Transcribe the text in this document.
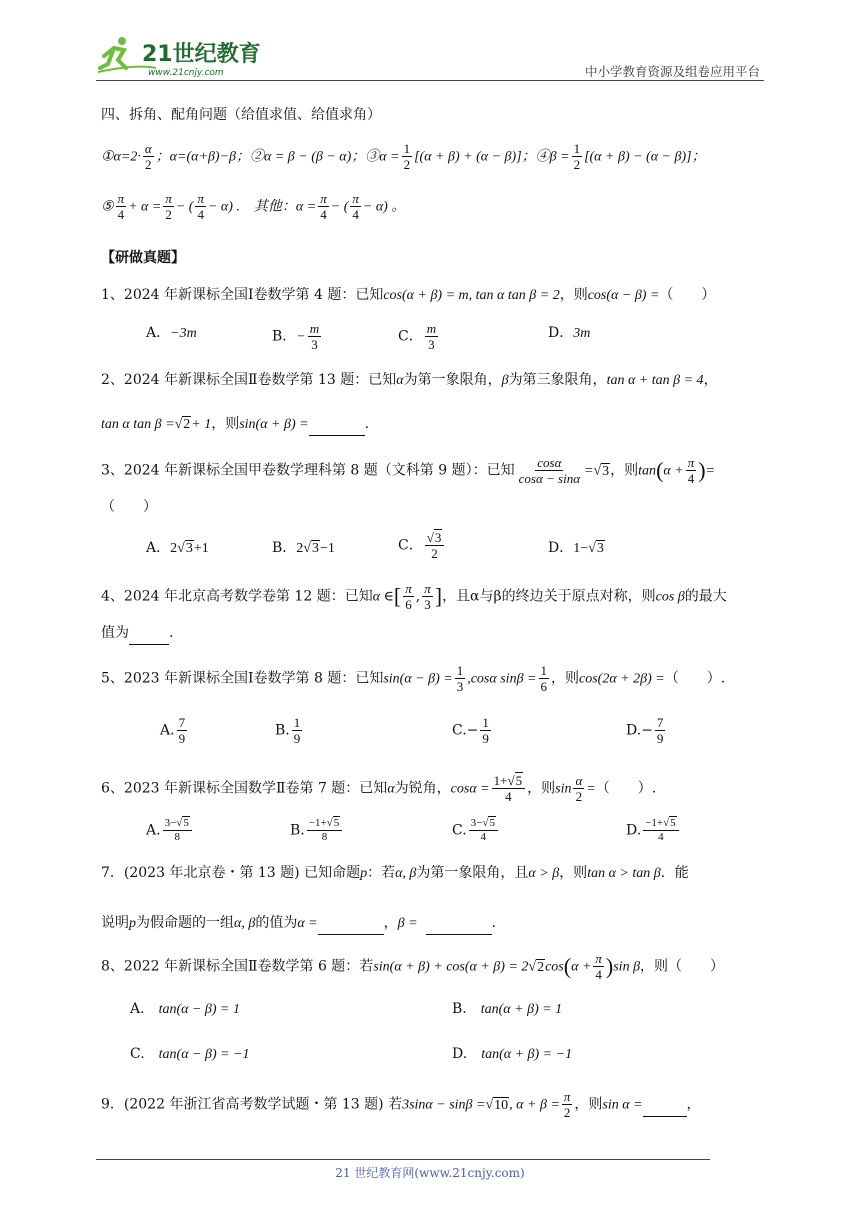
21世纪教育
www.21cnjy.com	中小学教育资源及组卷应用平台
四、拆角、配角问题（给值求值、给值求角）
①α=2· $\frac{\alpha}{2}$ ；α=(α+β)−β；②α = β − (β − α)；③α = $\frac{1}{2} [(\alpha + \beta) + (\alpha - \beta)]$；④β = $\frac{1}{2} [(\alpha + \beta) - (\alpha - \beta)]$；
⑤ $\frac{\pi}{4} + \alpha = \frac{\pi}{2}$ − ( $\frac{\pi}{4} - \alpha$) .　其他：$\alpha = \frac{\pi}{4}$ − ( $\frac{\pi}{4} - \alpha$) 。
【研做真题】
1、2024 年新课标全国Ⅰ卷数学第 4 题：已知cos(α + β) = m, tan α tan β = 2，则cos(α − β) =（　　）
A．−3m	B．− $\frac{m}{3}$	C． $\frac{m}{3}$	D．3m
2、2024 年新课标全国Ⅱ卷数学第 13 题：已知α为第一象限角，β为第三象限角，tan α + tan β = 4，
tan α tan β =√2+ 1，则sin(α + β) =	.
3、2024 年新课标全国甲卷数学理科第 8 题（文科第 9 题）：已知 $\frac{\cos\alpha}{\cos\alpha - \sin\alpha} =√3$，则$\tan(\alpha + \frac{\pi}{4}$ )=
（　　）
A．2√3+1	B．2√3−1	C． $\frac{√3}{2}$	D．1−√3
4、2024 年北京高考数学卷第 12 题：已知α ∈[ $\frac{\pi}{6}$ , $\frac{\pi}{3}$ ]，且α与β的终边关于原点对称，则cos β的最大
值为	.
5、2023 年新课标全国Ⅰ卷数学第 8 题：已知$\sin(\alpha - \beta) = \frac{1}{3} ,\cos\alpha$ $\sin\beta = \frac{1}{6}$ ，则cos(2α + 2β) =（　　）.
A. $\frac{7}{9}$	B. $\frac{1}{9}$	$C.- \frac{1}{9}$	$D.- \frac{7}{9}$
6、2023 年新课标全国数学Ⅱ卷第 7 题：已知α为锐角，$\cos\alpha = \frac{1+√5}{4}$ ，则$\sin \frac{\alpha}{2}$ =（　　）.
A. $\frac{3-√5}{8}$	B. $\frac{-1+√5}{8}$	C. $\frac{3-√5}{4}$	D. $\frac{-1+√5}{4}$
7．(2023 年北京卷・第 13 题) 已知命题p：若α, β为第一象限角，且α > β，则tan α > tan β．能
说明p为假命题的一组α, β的值为α =	，β =	.
8、2022 年新课标全国Ⅱ卷数学第 6 题：若$\sin(\alpha + \beta) + \cos(\alpha + \beta) = 2√2\cos(\alpha + \frac{\pi}{4} )\sin$ β，则（　　）
A. tan(α − β) = 1	B. tan(α + β) = 1
C. tan(α − β) = −1	D. tan(α + β) = −1
9．(2022 年浙江省高考数学试题・第 13 题) 若3sinα − sinβ =√10, $\alpha + \beta = \frac{\pi}{2}$ ，则sin α =	，
21 世纪教育网(www.21cnjy.com)
